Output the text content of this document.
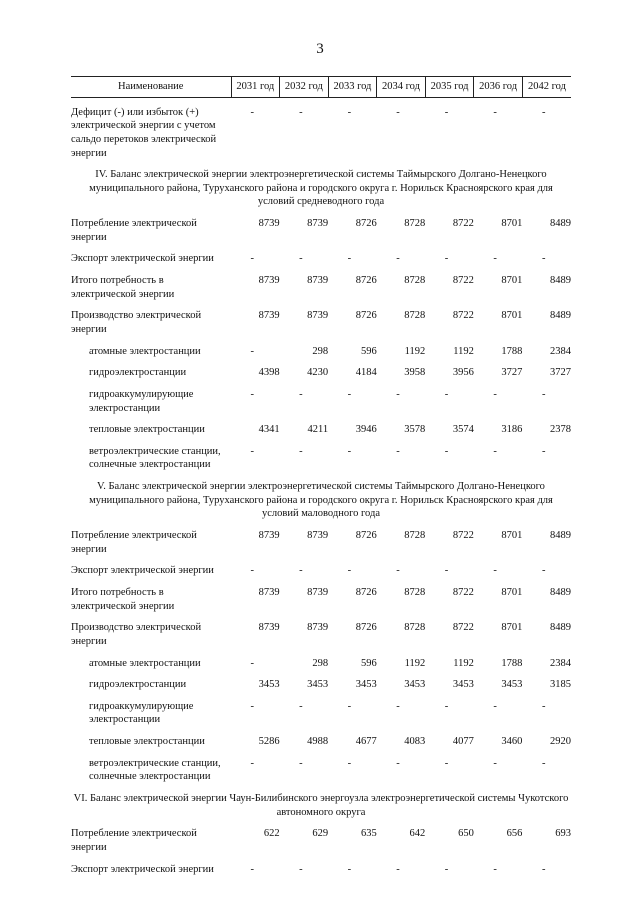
3
Наименование	2031 год	2032 год	2033 год	2034 год	2035 год	2036 год	2042 год

Дефицит (-) или избыток (+) электрической энергии с учетом сальдо перетоков электрической энергии	-	-	-	-	-	-	-

IV. Баланс электрической энергии электроэнергетической системы Таймырского Долгано-Ненецкого муниципального района, Туруханского района и городского округа г. Норильск Красноярского края для условий средневодного года							

Потребление электрической энергии	8739	8739	8726	8728	8722	8701	8489

Экспорт электрической энергии	-	-	-	-	-	-	-

Итого потребность в электрической энергии	8739	8739	8726	8728	8722	8701	8489

Производство электрической энергии	8739	8739	8726	8728	8722	8701	8489

атомные электростанции	-	298	596	1192	1192	1788	2384

гидроэлектростанции	4398	4230	4184	3958	3956	3727	3727

гидроаккумулирующие электростанции	-	-	-	-	-	-	-

тепловые электростанции	4341	4211	3946	3578	3574	3186	2378

ветроэлектрические станции, солнечные электростанции	-	-	-	-	-	-	-

V. Баланс электрической энергии электроэнергетической системы Таймырского Долгано-Ненецкого муниципального района, Туруханского района и городского округа г. Норильск Красноярского края для условий маловодного года							

Потребление электрической энергии	8739	8739	8726	8728	8722	8701	8489

Экспорт электрической энергии	-	-	-	-	-	-	-

Итого потребность в электрической энергии	8739	8739	8726	8728	8722	8701	8489

Производство электрической энергии	8739	8739	8726	8728	8722	8701	8489

атомные электростанции	-	298	596	1192	1192	1788	2384

гидроэлектростанции	3453	3453	3453	3453	3453	3453	3185

гидроаккумулирующие электростанции	-	-	-	-	-	-	-

тепловые электростанции	5286	4988	4677	4083	4077	3460	2920

ветроэлектрические станции, солнечные электростанции	-	-	-	-	-	-	-

VI. Баланс электрической энергии Чаун-Билибинского энергоузла электроэнергетической системы Чукотского автономного округа							

Потребление электрической энергии	622	629	635	642	650	656	693

Экспорт электрической энергии	-	-	-	-	-	-	-
